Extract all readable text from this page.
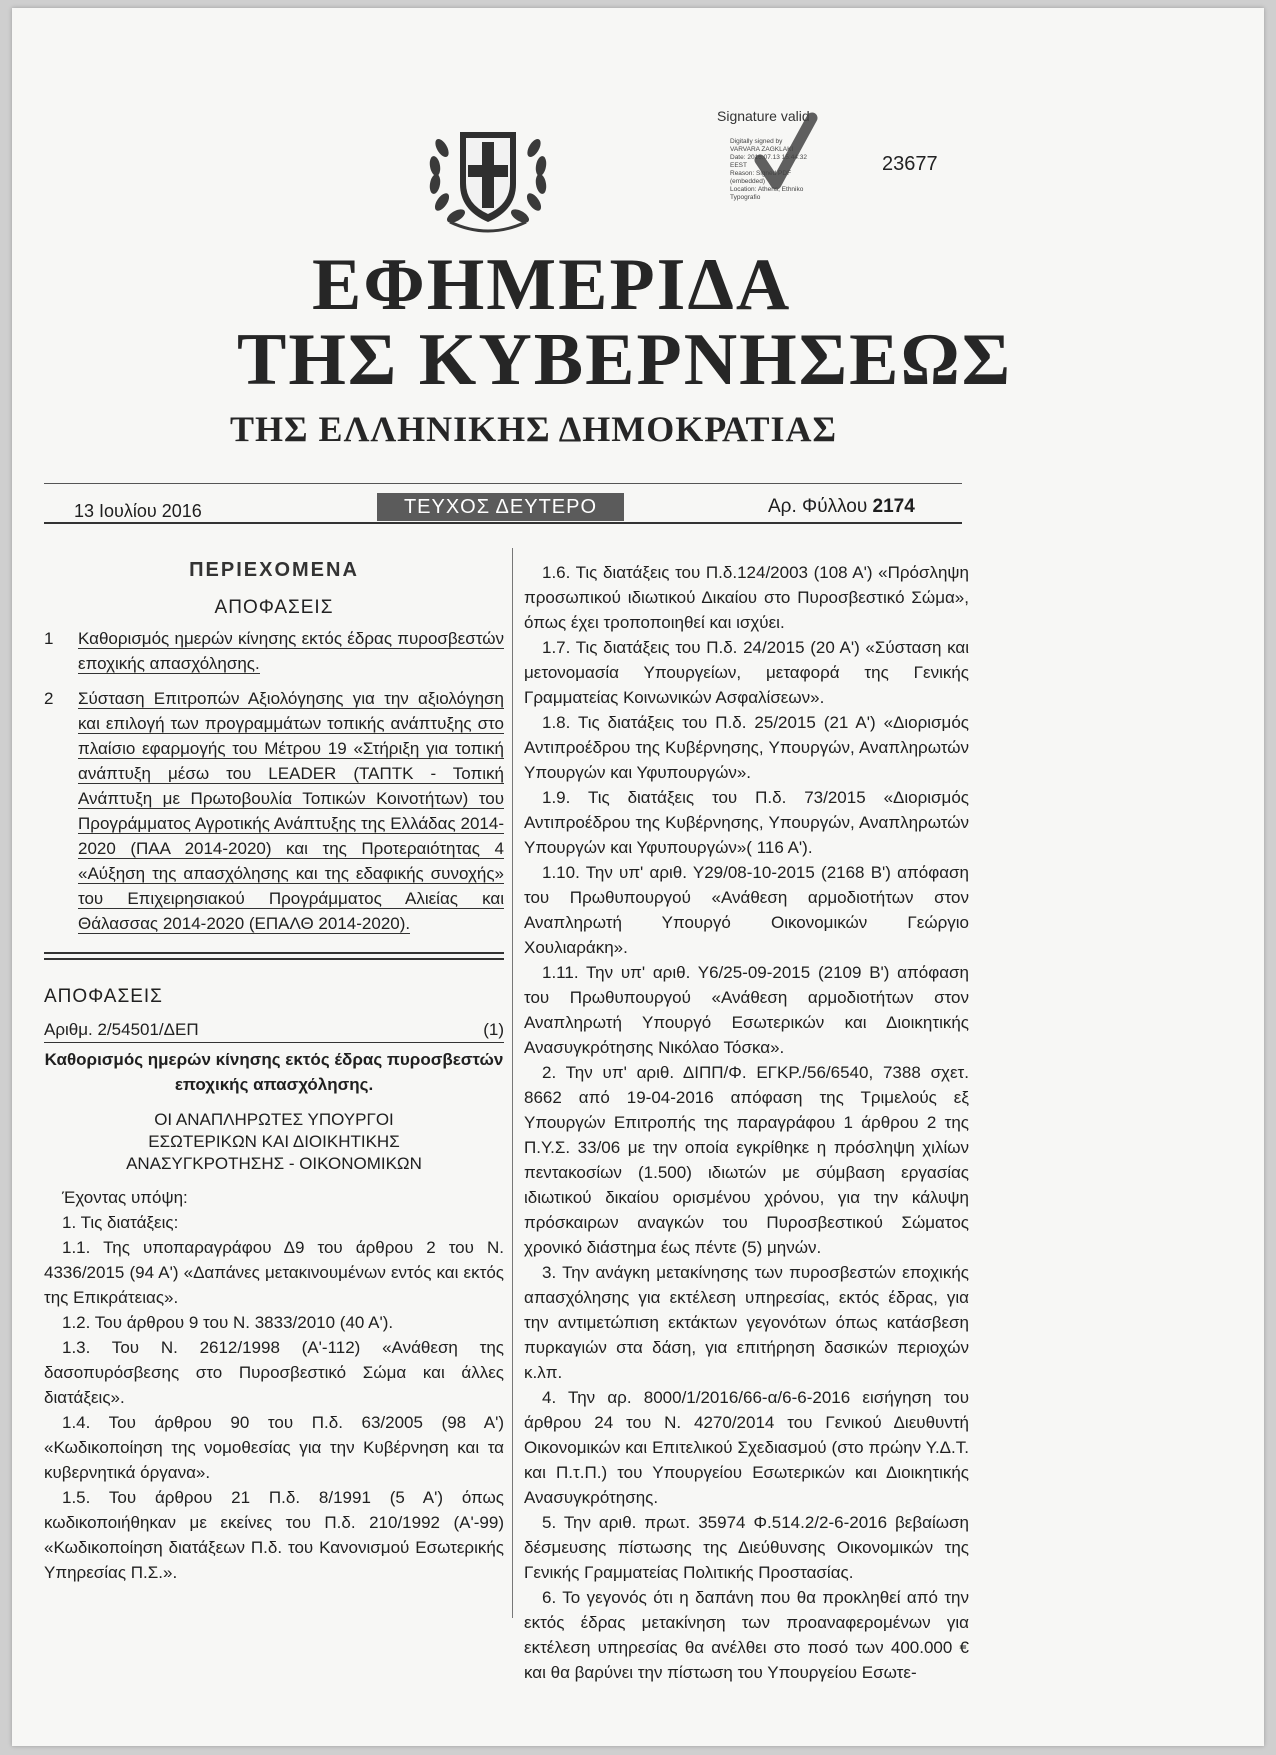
Signature valid
Digitally signed by
VARVARA ZAGKLAKI
Date: 2016.07.13 15:44:32
EEST
Reason: Signed PDF
(embedded)
Location: Athens, Ethniko
Typografio
23677
ΕΦΗΜΕΡΙΔΑ
ΤΗΣ ΚΥΒΕΡΝΗΣΕΩΣ
ΤΗΣ ΕΛΛΗΝΙΚΗΣ ΔΗΜΟΚΡΑΤΙΑΣ
13 Ιουλίου 2016	ΤΕΥΧΟΣ ΔΕΥΤΕΡΟ	Αρ. Φύλλου 2174
ΠΕΡΙΕΧΟΜΕΝΑ
ΑΠΟΦΑΣΕΙΣ
1 Καθορισμός ημερών κίνησης εκτός έδρας πυροσβεστών εποχικής απασχόλησης.
2 Σύσταση Επιτροπών Αξιολόγησης για την αξιολόγηση και επιλογή των προγραμμάτων τοπικής ανάπτυξης στο πλαίσιο εφαρμογής του Μέτρου 19 «Στήριξη για τοπική ανάπτυξη μέσω του LEADER (ΤΑΠΤΚ - Τοπική Ανάπτυξη με Πρωτοβουλία Τοπικών Κοινοτήτων) του Προγράμματος Αγροτικής Ανάπτυξης της Ελλάδας 2014-2020 (ΠΑΑ 2014-2020) και της Προτεραιότητας 4 «Αύξηση της απασχόλησης και της εδαφικής συνοχής» του Επιχειρησιακού Προγράμματος Αλιείας και Θάλασσας 2014-2020 (ΕΠΑΛΘ 2014-2020).
ΑΠΟΦΑΣΕΙΣ
Αριθμ. 2/54501/ΔΕΠ	(1)
Καθορισμός ημερών κίνησης εκτός έδρας πυροσβεστών εποχικής απασχόλησης.
ΟΙ ΑΝΑΠΛΗΡΩΤΕΣ ΥΠΟΥΡΓΟΙ
ΕΣΩΤΕΡΙΚΩΝ ΚΑΙ ΔΙΟΙΚΗΤΙΚΗΣ
ΑΝΑΣΥΓΚΡΟΤΗΣΗΣ - ΟΙΚΟΝΟΜΙΚΩΝ

Έχοντας υπόψη:

1. Τις διατάξεις:

1.1. Της υποπαραγράφου Δ9 του άρθρου 2 του Ν. 4336/2015 (94 Α') «Δαπάνες μετακινουμένων εντός και εκτός της Επικράτειας».

1.2. Του άρθρου 9 του Ν. 3833/2010 (40 Α').

1.3. Του Ν. 2612/1998 (Α'-112) «Ανάθεση της δασοπυρόσβεσης στο Πυροσβεστικό Σώμα και άλλες διατάξεις».

1.4. Του άρθρου 90 του Π.δ. 63/2005 (98 Α') «Κωδικοποίηση της νομοθεσίας για την Κυβέρνηση και τα κυβερνητικά όργανα».

1.5. Του άρθρου 21 Π.δ. 8/1991 (5 Α') όπως κωδικοποιήθηκαν με εκείνες του Π.δ. 210/1992 (Α'-99) «Κωδικοποίηση διατάξεων Π.δ. του Κανονισμού Εσωτερικής Υπηρεσίας Π.Σ.».

1.6. Τις διατάξεις του Π.δ.124/2003 (108 Α') «Πρόσληψη προσωπικού ιδιωτικού Δικαίου στο Πυροσβεστικό Σώμα», όπως έχει τροποποιηθεί και ισχύει.

1.7. Τις διατάξεις του Π.δ. 24/2015 (20 Α') «Σύσταση και μετονομασία Υπουργείων, μεταφορά της Γενικής Γραμματείας Κοινωνικών Ασφαλίσεων».

1.8. Τις διατάξεις του Π.δ. 25/2015 (21 Α') «Διορισμός Αντιπροέδρου της Κυβέρνησης, Υπουργών, Αναπληρωτών Υπουργών και Υφυπουργών».

1.9. Τις διατάξεις του Π.δ. 73/2015 «Διορισμός Αντιπροέδρου της Κυβέρνησης, Υπουργών, Αναπληρωτών Υπουργών και Υφυπουργών»( 116 Α').

1.10. Την υπ' αριθ. Υ29/08-10-2015 (2168 Β') απόφαση του Πρωθυπουργού «Ανάθεση αρμοδιοτήτων στον Αναπληρωτή Υπουργό Οικονομικών Γεώργιο Χουλιαράκη».

1.11. Την υπ' αριθ. Υ6/25-09-2015 (2109 Β') απόφαση του Πρωθυπουργού «Ανάθεση αρμοδιοτήτων στον Αναπληρωτή Υπουργό Εσωτερικών και Διοικητικής Ανασυγκρότησης Νικόλαο Τόσκα».

2. Την υπ' αριθ. ΔΙΠΠ/Φ. ΕΓΚΡ./56/6540, 7388 σχετ. 8662 από 19-04-2016 απόφαση της Τριμελούς εξ Υπουργών Επιτροπής της παραγράφου 1 άρθρου 2 της Π.Υ.Σ. 33/06 με την οποία εγκρίθηκε η πρόσληψη χιλίων πεντακοσίων (1.500) ιδιωτών με σύμβαση εργασίας ιδιωτικού δικαίου ορισμένου χρόνου, για την κάλυψη πρόσκαιρων αναγκών του Πυροσβεστικού Σώματος χρονικό διάστημα έως πέντε (5) μηνών.

3. Την ανάγκη μετακίνησης των πυροσβεστών εποχικής απασχόλησης για εκτέλεση υπηρεσίας, εκτός έδρας, για την αντιμετώπιση εκτάκτων γεγονότων όπως κατάσβεση πυρκαγιών στα δάση, για επιτήρηση δασικών περιοχών κ.λπ.

4. Την αρ. 8000/1/2016/66-α/6-6-2016 εισήγηση του άρθρου 24 του Ν. 4270/2014 του Γενικού Διευθυντή Οικονομικών και Επιτελικού Σχεδιασμού (στο πρώην Υ.Δ.Τ. και Π.τ.Π.) του Υπουργείου Εσωτερικών και Διοικητικής Ανασυγκρότησης.

5. Την αριθ. πρωτ. 35974 Φ.514.2/2-6-2016 βεβαίωση δέσμευσης πίστωσης της Διεύθυνσης Οικονομικών της Γενικής Γραμματείας Πολιτικής Προστασίας.

6. Το γεγονός ότι η δαπάνη που θα προκληθεί από την εκτός έδρας μετακίνηση των προαναφερομένων για εκτέλεση υπηρεσίας θα ανέλθει στο ποσό των 400.000 € και θα βαρύνει την πίστωση του Υπουργείου Εσωτε-
